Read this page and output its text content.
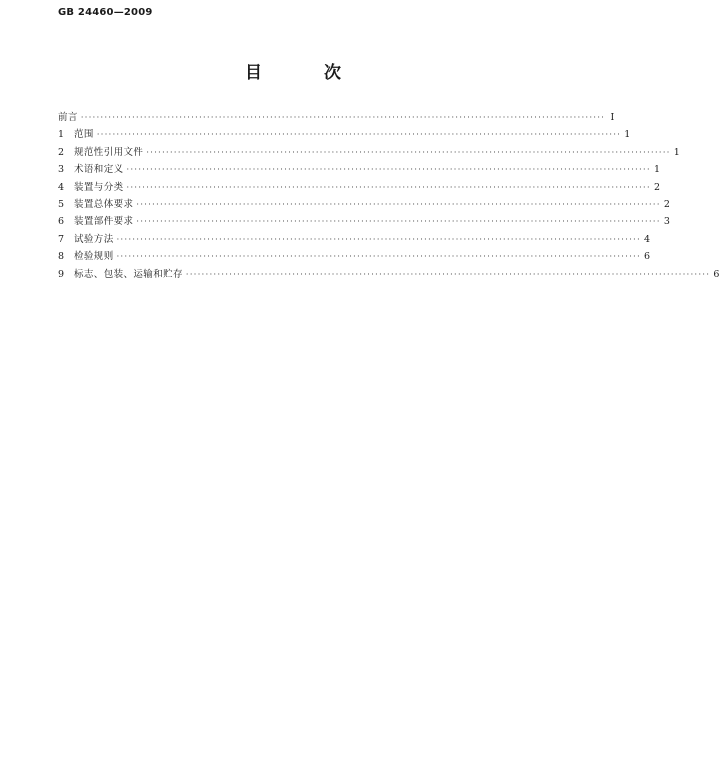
GB 24460—2009
目 次
前言 ····································································································································· I
1	范围 ····································································································································· 1
2	规范性引用文件 ····································································································································· 1
3	术语和定义 ····································································································································· 1
4	装置与分类 ····································································································································· 2
5	装置总体要求 ····································································································································· 2
6	装置部件要求 ····································································································································· 3
7	试验方法 ····································································································································· 4
8	检验规则 ····································································································································· 6
9	标志、包装、运输和贮存 ····································································································································· 6
